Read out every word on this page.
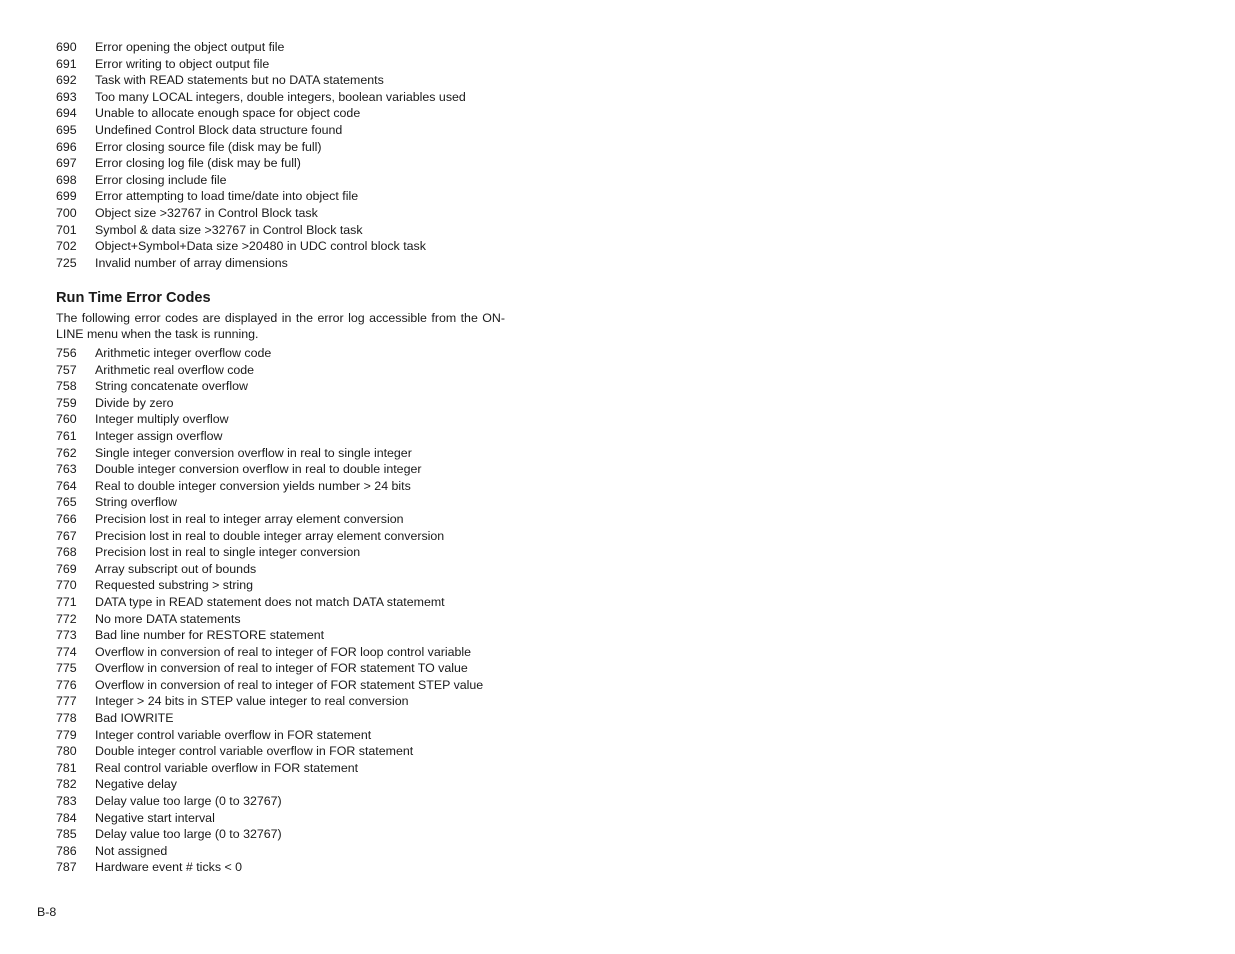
690	Error opening the object output file
691	Error writing to object output file
692	Task with READ statements but no DATA statements
693	Too many LOCAL integers, double integers, boolean variables used
694	Unable to allocate enough space for object code
695	Undefined Control Block data structure found
696	Error closing source file (disk may be full)
697	Error closing log file (disk may be full)
698	Error closing include file
699	Error attempting to load time/date into object file
700	Object size >32767 in Control Block task
701	Symbol & data size >32767 in Control Block task
702	Object+Symbol+Data size >20480 in UDC control block task
725	Invalid number of array dimensions
Run Time Error Codes

The following error codes are displayed in the error log accessible from the ON-LINE menu when the task is running.

756	Arithmetic integer overflow code
757	Arithmetic real overflow code
758	String concatenate overflow
759	Divide by zero
760	Integer multiply overflow
761	Integer assign overflow
762	Single integer conversion overflow in real to single integer
763	Double integer conversion overflow in real to double integer
764	Real to double integer conversion yields number > 24 bits
765	String overflow
766	Precision lost in real to integer array element conversion
767	Precision lost in real to double integer array element conversion
768	Precision lost in real to single integer conversion
769	Array subscript out of bounds
770	Requested substring > string
771	DATA type in READ statement does not match DATA statememt
772	No more DATA statements
773	Bad line number for RESTORE statement
774	Overflow in conversion of real to integer of FOR loop control variable
775	Overflow in conversion of real to integer of FOR statement TO value
776	Overflow in conversion of real to integer of FOR statement STEP value
777	Integer > 24 bits in STEP value integer to real conversion
778	Bad IOWRITE
779	Integer control variable overflow in FOR statement
780	Double integer control variable overflow in FOR statement
781	Real control variable overflow in FOR statement
782	Negative delay
783	Delay value too large (0 to 32767)
784	Negative start interval
785	Delay value too large (0 to 32767)
786	Not assigned
787	Hardware event # ticks < 0

B-8
